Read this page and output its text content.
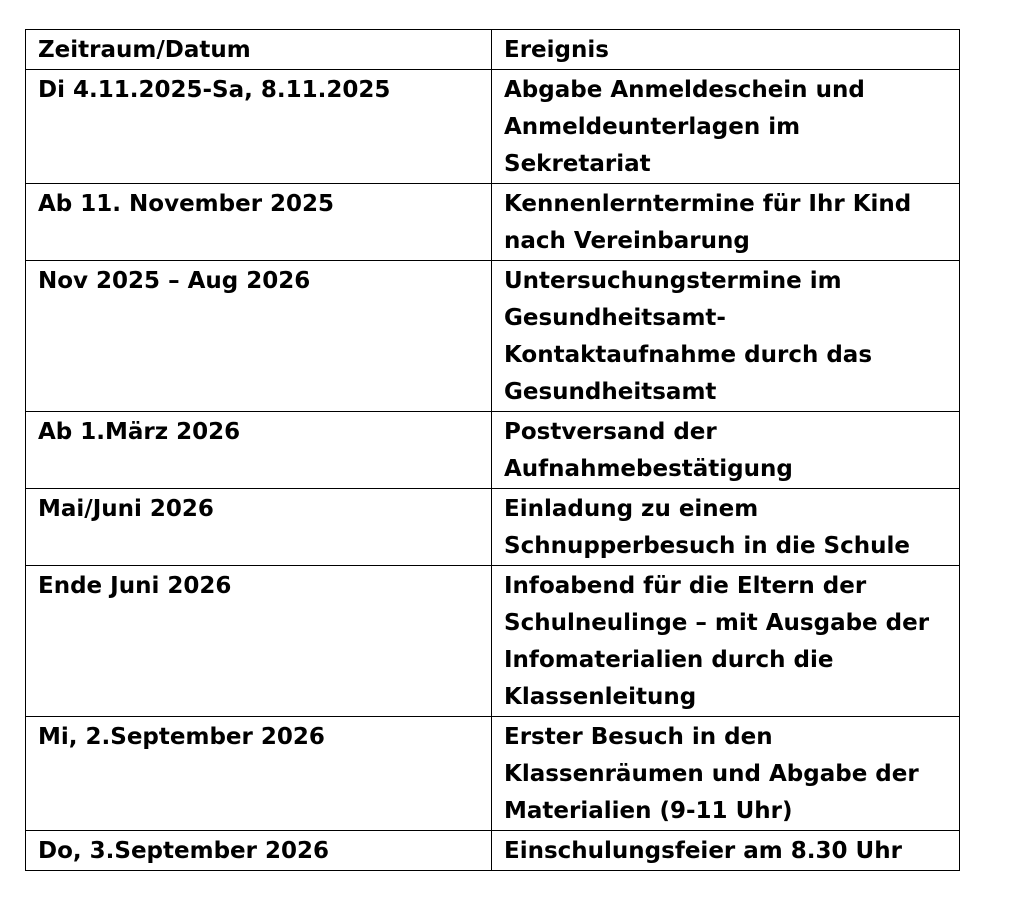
Zeitraum/Datum	Ereignis

Di 4.11.2025-Sa, 8.11.2025	Abgabe Anmeldeschein und
Anmeldeunterlagen im
Sekretariat

Ab 11. November 2025	Kennenlerntermine für Ihr Kind
nach Vereinbarung

Nov 2025 – Aug 2026	Untersuchungstermine im
Gesundheitsamt-
Kontaktaufnahme durch das
Gesundheitsamt

Ab 1.März 2026	Postversand der
Aufnahmebestätigung

Mai/Juni 2026	Einladung zu einem
Schnupperbesuch in die Schule

Ende Juni 2026	Infoabend für die Eltern der
Schulneulinge – mit Ausgabe der
Infomaterialien durch die
Klassenleitung

Mi, 2.September 2026	Erster Besuch in den
Klassenräumen und Abgabe der
Materialien (9-11 Uhr)

Do, 3.September 2026	Einschulungsfeier am 8.30 Uhr
